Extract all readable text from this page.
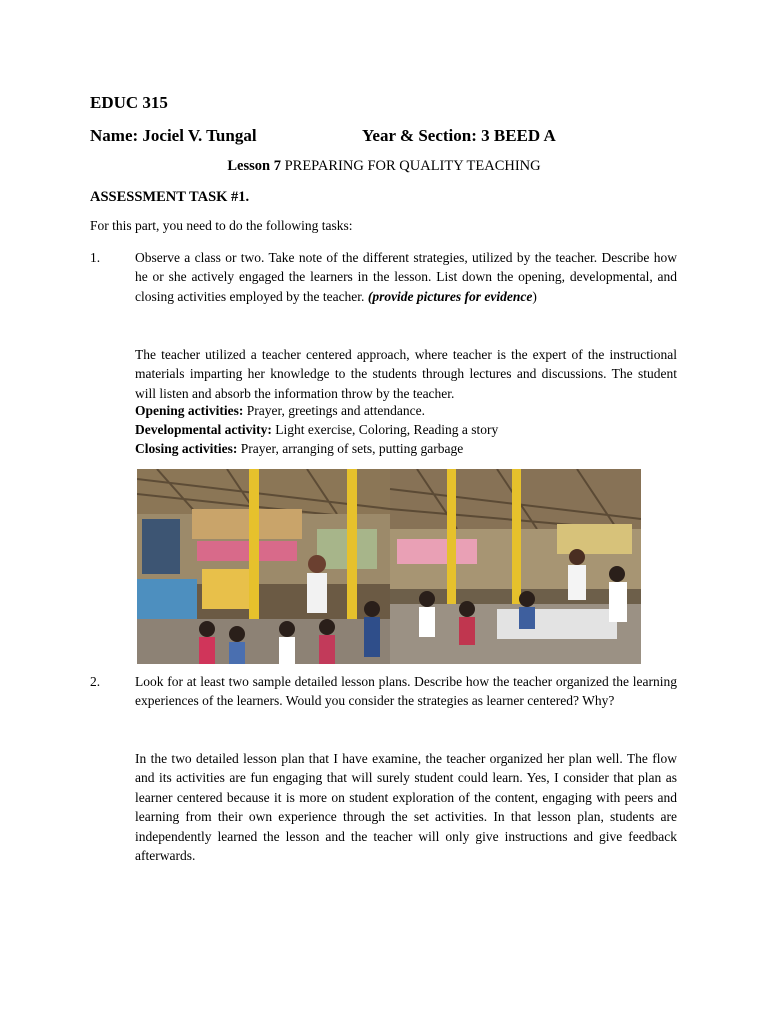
EDUC 315
Name: Jociel V. Tungal	Year & Section: 3 BEED A
Lesson 7 PREPARING FOR QUALITY TEACHING
ASSESSMENT TASK #1.
For this part, you need to do the following tasks:
1.	Observe a class or two. Take note of the different strategies, utilized by the teacher. Describe how he or she actively engaged the learners in the lesson. List down the opening, developmental, and closing activities employed by the teacher. (provide pictures for evidence)
The teacher utilized a teacher centered approach, where teacher is the expert of the instructional materials imparting her knowledge to the students through lectures and discussions. The student will listen and absorb the information throw by the teacher.
Opening activities: Prayer, greetings and attendance.
Developmental activity: Light exercise, Coloring, Reading a story
Closing activities: Prayer, arranging of sets, putting garbage
2.	Look for at least two sample detailed lesson plans. Describe how the teacher organized the learning experiences of the learners. Would you consider the strategies as learner centered? Why?
In the two detailed lesson plan that I have examine, the teacher organized her plan well. The flow and its activities are fun engaging that will surely student could learn. Yes, I consider that plan as learner centered because it is more on student exploration of the content, engaging with peers and learning from their own experience through the set activities. In that lesson plan, students are independently learned the lesson and the teacher will only give instructions and give feedback afterwards.
